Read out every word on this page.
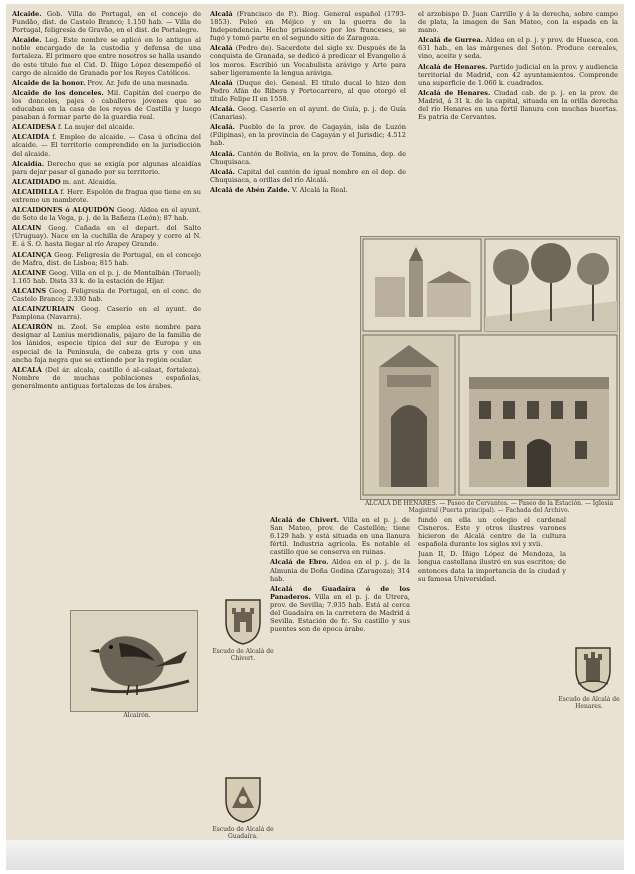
Alcaide. Gob. Villa de Portugal, en el concejo de Fundão, dist. de Castelo Branco; 1.150 hab. — Villa de Portugal, feligresía de Gravão, en el dist. de Portalegre.
Alcaide. Leg. Este nombre se aplicó en lo antiguo al noble encargado de la custodia y defensa de una fortaleza. El primero que entre nosotros se halla usando de este título fue el Cid. D. Íñigo López desempeñó el cargo de alcaide de Granada por los Reyes Católicos.
Alcaide de la honor. Prov. Ar. Jefe de una mesnada.
Alcaide de los donceles. Mil. Capitán del cuerpo de los donceles, pajes ó caballeros jóvenes que se educaban en la casa de los reyes de Castilla y luego pasaban á formar parte de la guardia real.
ALCAIDESA f. La mujer del alcaide.
ALCAIDÍA f. Empleo de alcaide. — Casa ú oficina del alcaide. — El territorio comprendido en la jurisdicción del alcaide.
Alcaidía. Derecho que se exigía por algunas alcaidías para dejar pasar el ganado por su territorio.
ALCAIDIADO m. ant. Alcaidía.
ALCAIDILLA f. Herr. Espolón de fragua que tiene en su extremo un mambrote.
ALCAIDONES ó ALQUIDÓN Geog. Aldea en el ayunt. de Soto de la Vega, p. j. de la Bañeza (León); 87 hab.
ALCAIN Geog. Cañada en el depart. del Salto (Uruguay). Nace en la cuchilla de Arapey y corre al N. E. á S. O. hasta llegar al río Arapey Grande.
ALCAINÇA Geog. Feligresía de Portugal, en el concejo de Mafra, dist. de Lisboa; 815 hab.
ALCAINE Geog. Villa en el p. j. de Montalbán (Teruel); 1.165 hab. Dista 33 k. de la estación de Híjar.
ALCAINS Geog. Feligresía de Portugal, en el conc. de Castelo Branco; 2.330 hab.
ALCAINZURIAIN Geog. Caserío en el ayunt. de Pamplona (Navarra).
ALCAIRÓN m. Zool. Se emplea este nombre para designar al Lanius meridionalis, pájaro de la familia de los lánidos, especie típica del sur de Europa y en especial de la Península, de cabeza gris y con una ancha faja negra que se extiende por la región ocular.
ALCALÁ (Del ár. alcala, castillo ó al-calaat, fortaleza). Nombre de muchas poblaciones españolas, generalmente antiguas fortalezas de los árabes.
Alcalá (Francisco de P.). Biog. General español (1793-1853). Peleó en Méjico y en la guerra de la Independencia. Hecho prisionero por los franceses, se fugó y tomó parte en el segundo sitio de Zaragoza.
Alcalá (Pedro de). Sacerdote del siglo xv. Después de la conquista de Granada, se dedicó á predicar el Evangelio á los moros. Escribió un Vocabulista arávigo y Arte para saber ligeramente la lengua aráviga.
Alcalá (Duque de). Geneal. El título ducal lo hizo don Pedro Afán de Ribera y Portocarrero, al que otorgó el título Felipe II en 1558.
Alcalá. Geog. Caserío en el ayunt. de Guía, p. j. de Guía (Canarias).
Alcalá. Pueblo de la prov. de Cagayán, isla de Luzón (Filipinas), en la provincia de Cagayán y el Jurisdic; 4.512 hab.
Alcalá. Cantón de Bolivia, en la prov. de Tomina, dep. de Chuquisaca.
Alcalá. Capital del cantón de igual nombre en el dep. de Chuquisaca, a orillas del río Alcalá.
Alcalá de Abén Zaide. V. Alcalá la Real.
el arzobispo D. Juan Carrillo y á la derecha, sobre campo de plata, la imagen de San Mateo, con la espada en la mano.
Alcalá de Gurrea. Aldea en el p. j. y prov. de Huesca, con 631 hab., en las márgenes del Sotón. Produce cereales, vino, aceite y seda.
Alcalá de Henares. Partido judicial en la prov. y audiencia territorial de Madrid, con 42 ayuntamientos. Comprende una superficie de 1.060 k. cuadrados.
Alcalá de Henares. Ciudad cab. de p. j. en la prov. de Madrid, á 31 k. de la capital, situada en la orilla derecha del río Henares en una fértil llanura con muchas huertas. Es patria de Cervantes.
Alcairón.
ALCALÁ DE HENARES. — Paseo de Cervantes. — Paseo de la Estación. — Iglesia Magistral (Puerta principal). — Fachada del Archivo.
Escudo de Alcalá de Chivert.
Escudo de Alcalá de Henares.
Escudo de Alcalá de Guadaíra.
fundó en ella un colegio el cardenal Cisneros. Este y otros ilustres varones hicieron de Alcalá centro de la cultura española durante los siglos xvi y xvii.
Juan II, D. Íñigo López de Mendoza, la lengua castellana ilustró en sus escritos; de entonces data la importancia de la ciudad y su famosa Universidad.
Alcalá de Chivert. Villa en el p. j. de San Mateo, prov. de Castellón; tiene 6.129 hab. y está situada en una llanura fértil. Industria agrícola. Es notable el castillo que se conserva en ruinas.
Alcalá de Ebro. Aldea en el p. j. de la Almunia de Doña Godina (Zaragoza); 314 hab.
Alcalá de Guadaíra ó de los Panaderos. Villa en el p. j. de Utrera, prov. de Sevilla; 7.935 hab. Está al cerca del Guadaíra en la carretera de Madrid á Sevilla. Estación de fc. Su castillo y sus puentes son de época árabe.
